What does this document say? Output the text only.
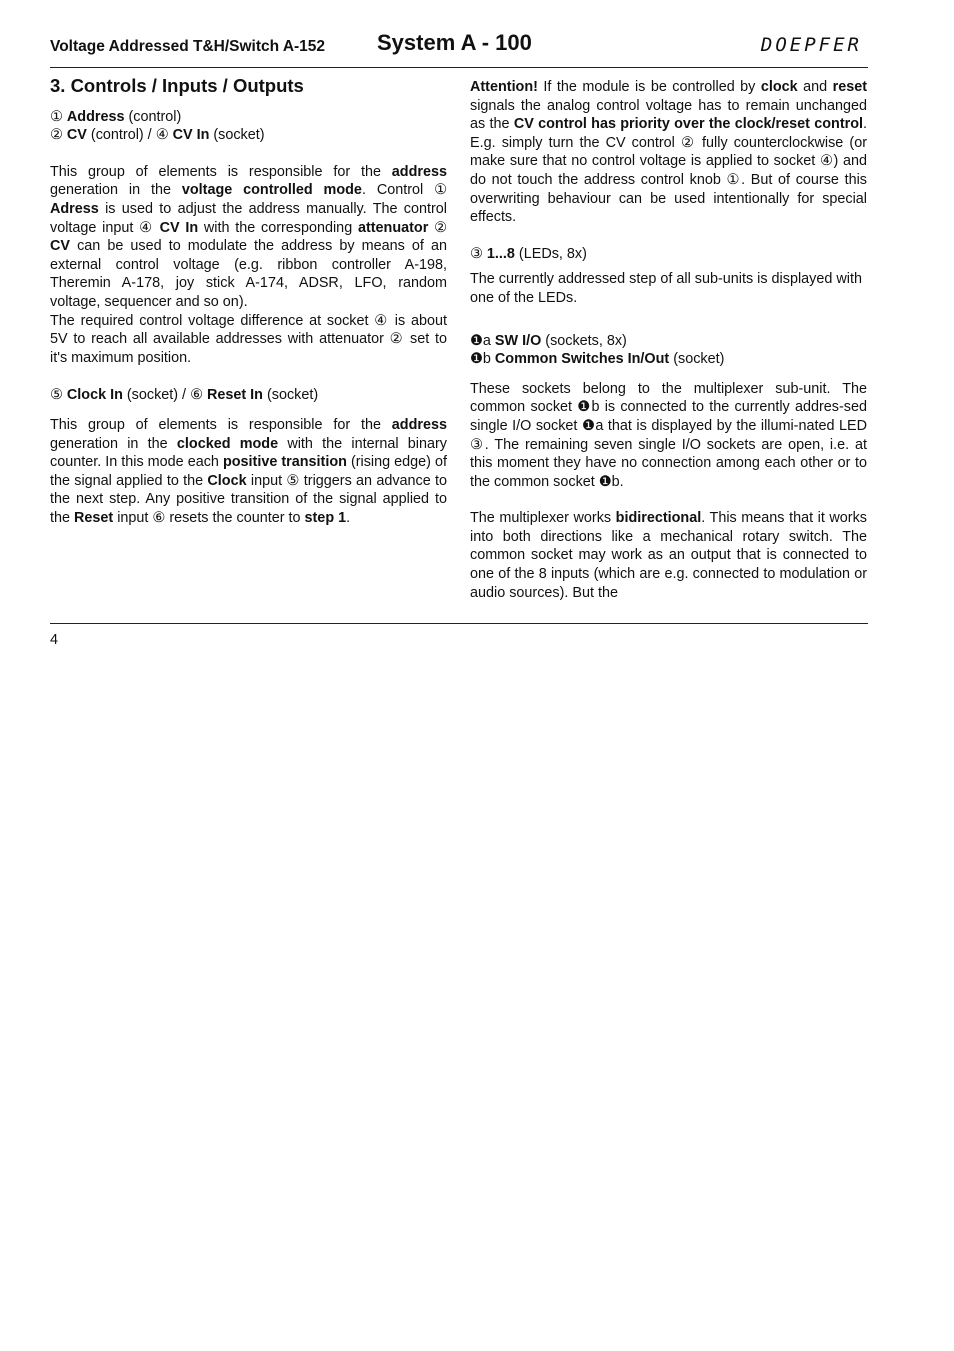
Voltage Addressed T&H/Switch A-152 System A - 100	DOEPFER

3. Controls / Inputs / Outputs

① Address (control)

② CV (control) / ④ CV In (socket)

This group of elements is responsible for the address generation in the voltage controlled mode. Control ① Adress is used to adjust the address manually. The control voltage input ④ CV In with the corresponding attenuator ② CV can be used to modulate the address by means of an external control voltage (e.g. ribbon controller A-198, Theremin A-178, joy stick A-174, ADSR, LFO, random voltage, sequencer and so on).

The required control voltage difference at socket ④ is about 5V to reach all available addresses with attenuator ② set to it's maximum position.

⑤ Clock In (socket) / ⑥ Reset In (socket)

This group of elements is responsible for the address generation in the clocked mode with the internal binary counter. In this mode each positive transition (rising edge) of the signal applied to the Clock input ⑤ triggers an advance to the next step. Any positive transition of the signal applied to the Reset input ⑥ resets the counter to step 1.

Attention! If the module is be controlled by clock and reset signals the analog control voltage has to remain unchanged as the CV control has priority over the clock/reset control. E.g. simply turn the CV control ② fully counterclockwise (or make sure that no control voltage is applied to socket ④) and do not touch the address control knob ①. But of course this overwriting behaviour can be used intentionally for special effects.

③ 1...8 (LEDs, 8x)

The currently addressed step of all sub-units is displayed with one of the LEDs.

❶a SW I/O (sockets, 8x)

❶b Common Switches In/Out (socket)

These sockets belong to the multiplexer sub-unit. The common socket ❶b is connected to the currently addres-sed single I/O socket ❶a that is displayed by the illumi-nated LED ③. The remaining seven single I/O sockets are open, i.e. at this moment they have no connection among each other or to the common socket ❶b.

The multiplexer works bidirectional. This means that it works into both directions like a mechanical rotary switch. The common socket may work as an output that is connected to one of the 8 inputs (which are e.g. connected to modulation or audio sources). But the

4
